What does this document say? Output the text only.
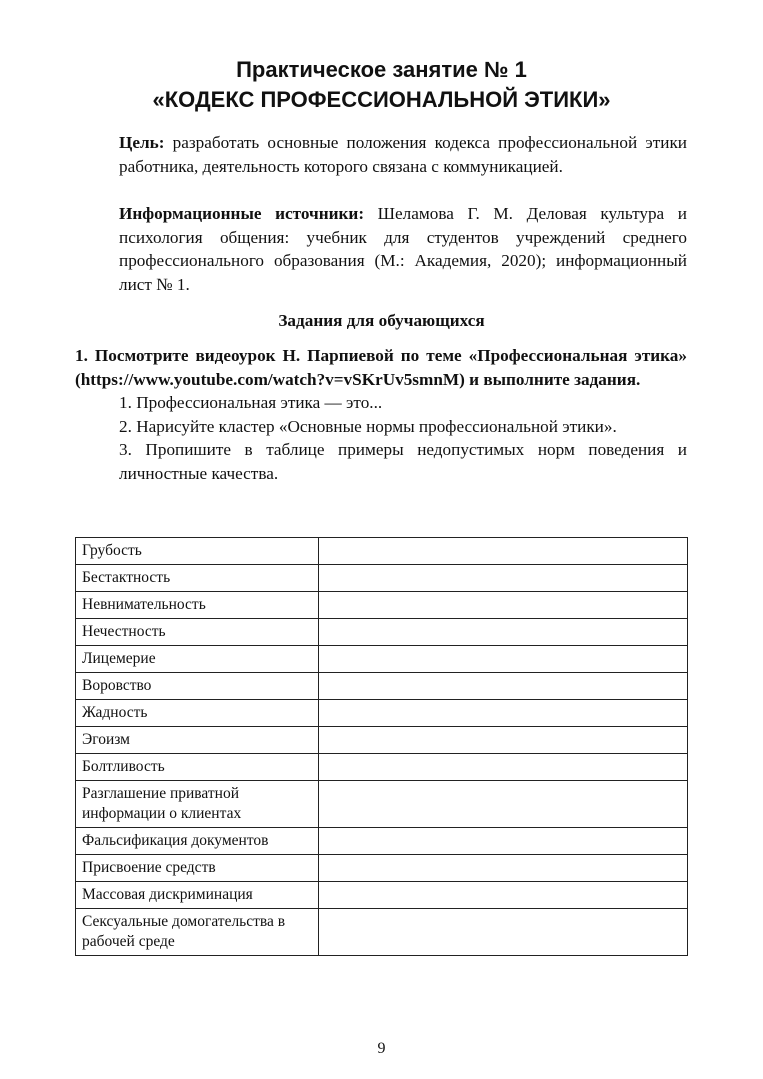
Практическое занятие № 1
«КОДЕКС ПРОФЕССИОНАЛЬНОЙ ЭТИКИ»
Цель: разработать основные положения кодекса профессиональной этики работника, деятельность которого связана с коммуникацией.
Информационные источники: Шеламова Г. М. Деловая культура и психология общения: учебник для студентов учреждений среднего профессионального образования (М.: Академия, 2020); информационный лист № 1.
Задания для обучающихся
1. Посмотрите видеоурок Н. Парпиевой по теме «Профессиональная этика» (https://www.youtube.com/watch?v=vSKrUv5smnM) и выполните задания.
1. Профессиональная этика — это...
2. Нарисуйте кластер «Основные нормы профессиональной этики».
3. Пропишите в таблице примеры недопустимых норм поведения и личностные качества.
Грубость	
Бестактность	
Невнимательность	
Нечестность	
Лицемерие	
Воровство	
Жадность	
Эгоизм	
Болтливость	
Разглашение приватной информации о клиентах	
Фальсификация документов	
Присвоение средств	
Массовая дискриминация	
Сексуальные домогательства в рабочей среде	
9
